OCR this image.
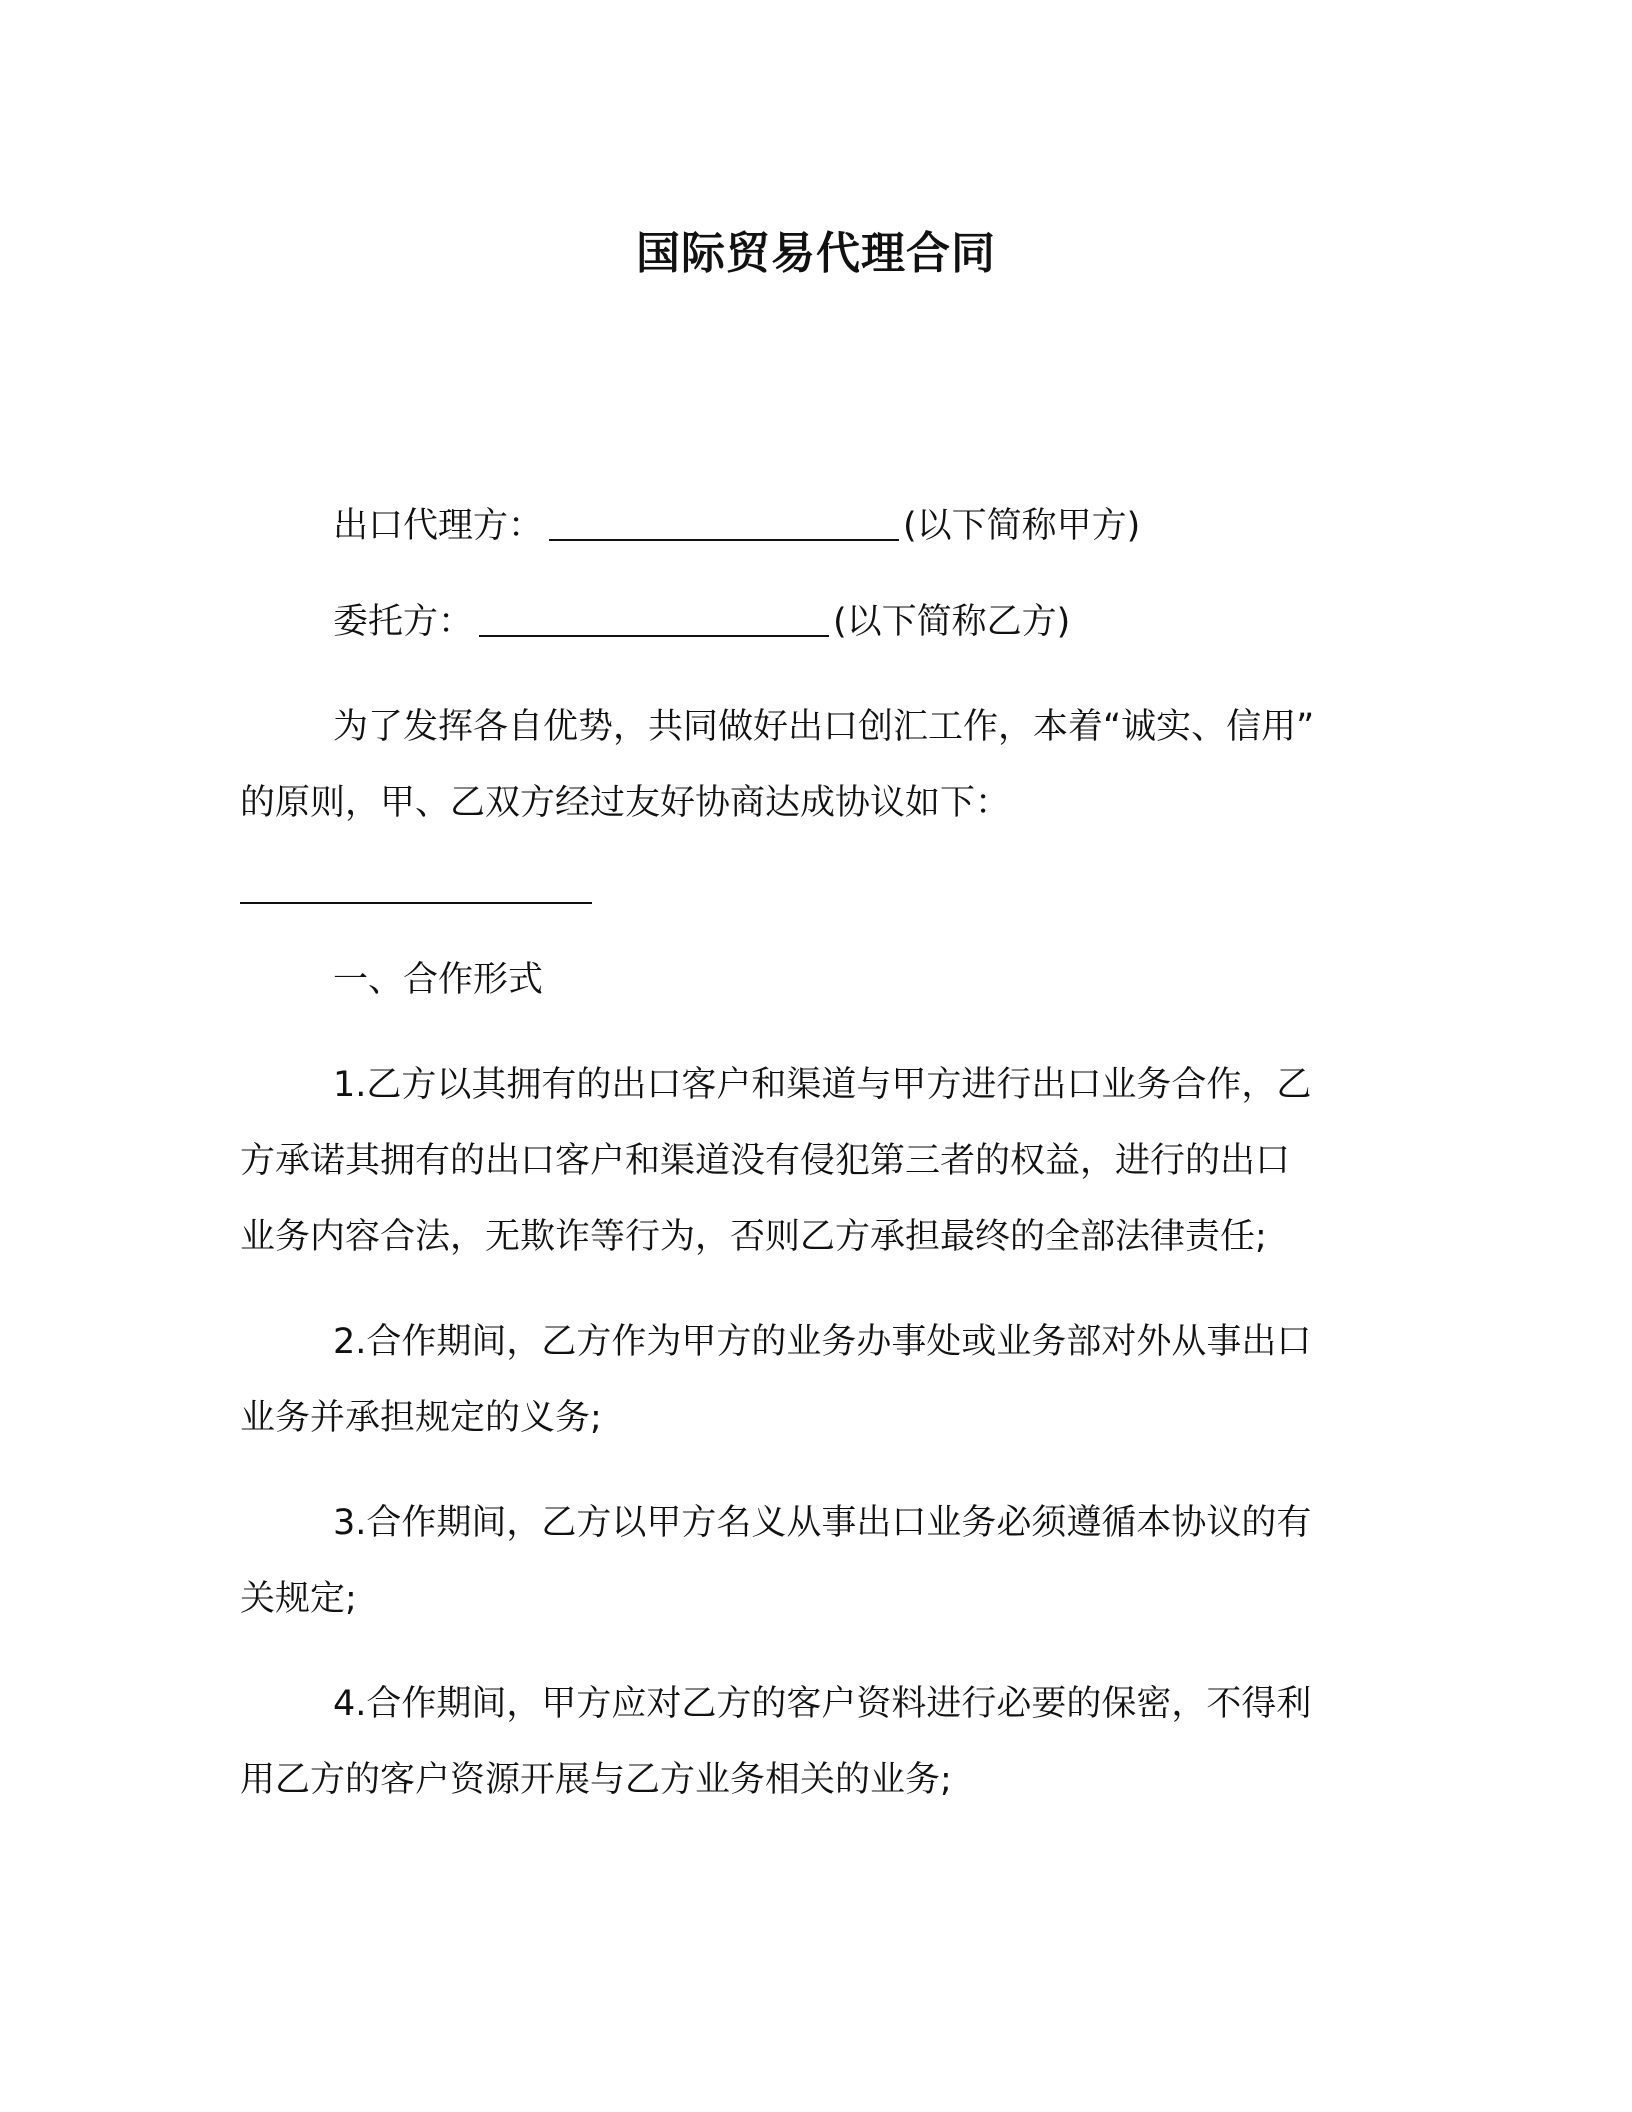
国际贸易代理合同
出口代理方：	(以下简称甲方)
委托方：	(以下简称乙方)
为了发挥各自优势，共同做好出口创汇工作，本着“诚实、信用”
的原则，甲、乙双方经过友好协商达成协议如下：
一、合作形式
1.乙方以其拥有的出口客户和渠道与甲方进行出口业务合作，乙
方承诺其拥有的出口客户和渠道没有侵犯第三者的权益，进行的出口
业务内容合法，无欺诈等行为，否则乙方承担最终的全部法律责任;
2.合作期间，乙方作为甲方的业务办事处或业务部对外从事出口
业务并承担规定的义务;
3.合作期间，乙方以甲方名义从事出口业务必须遵循本协议的有
关规定;
4.合作期间，甲方应对乙方的客户资料进行必要的保密，不得利
用乙方的客户资源开展与乙方业务相关的业务;
